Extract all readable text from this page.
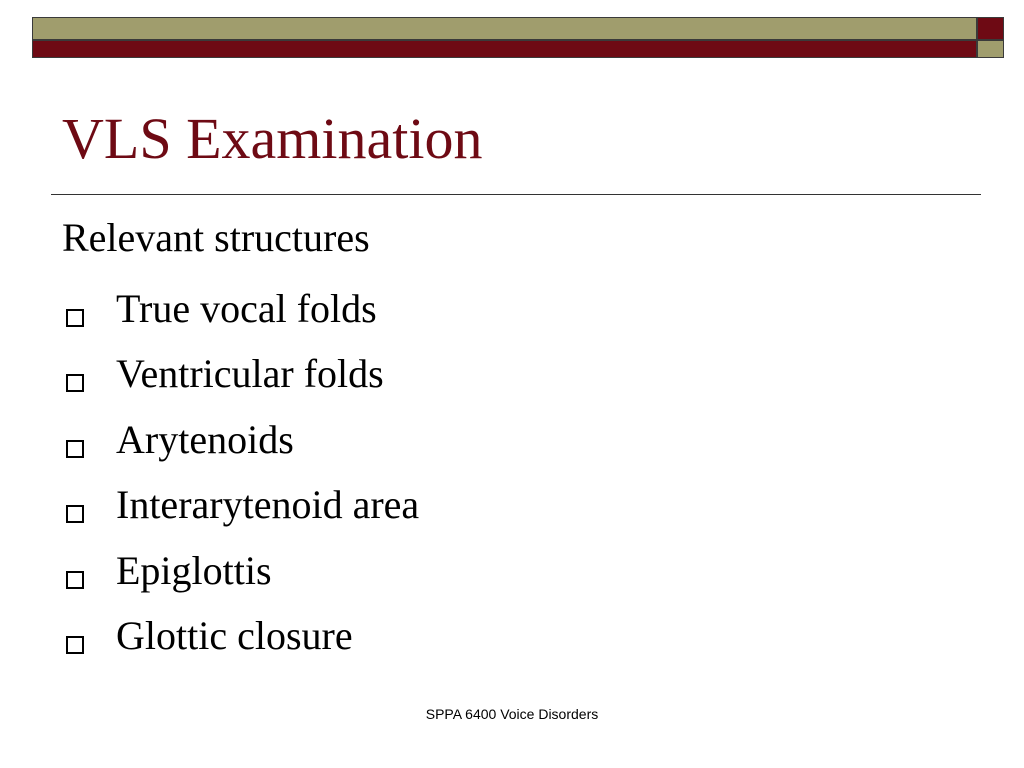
VLS Examination
Relevant structures
True vocal folds
Ventricular folds
Arytenoids
Interarytenoid area
Epiglottis
Glottic closure
SPPA 6400 Voice Disorders
